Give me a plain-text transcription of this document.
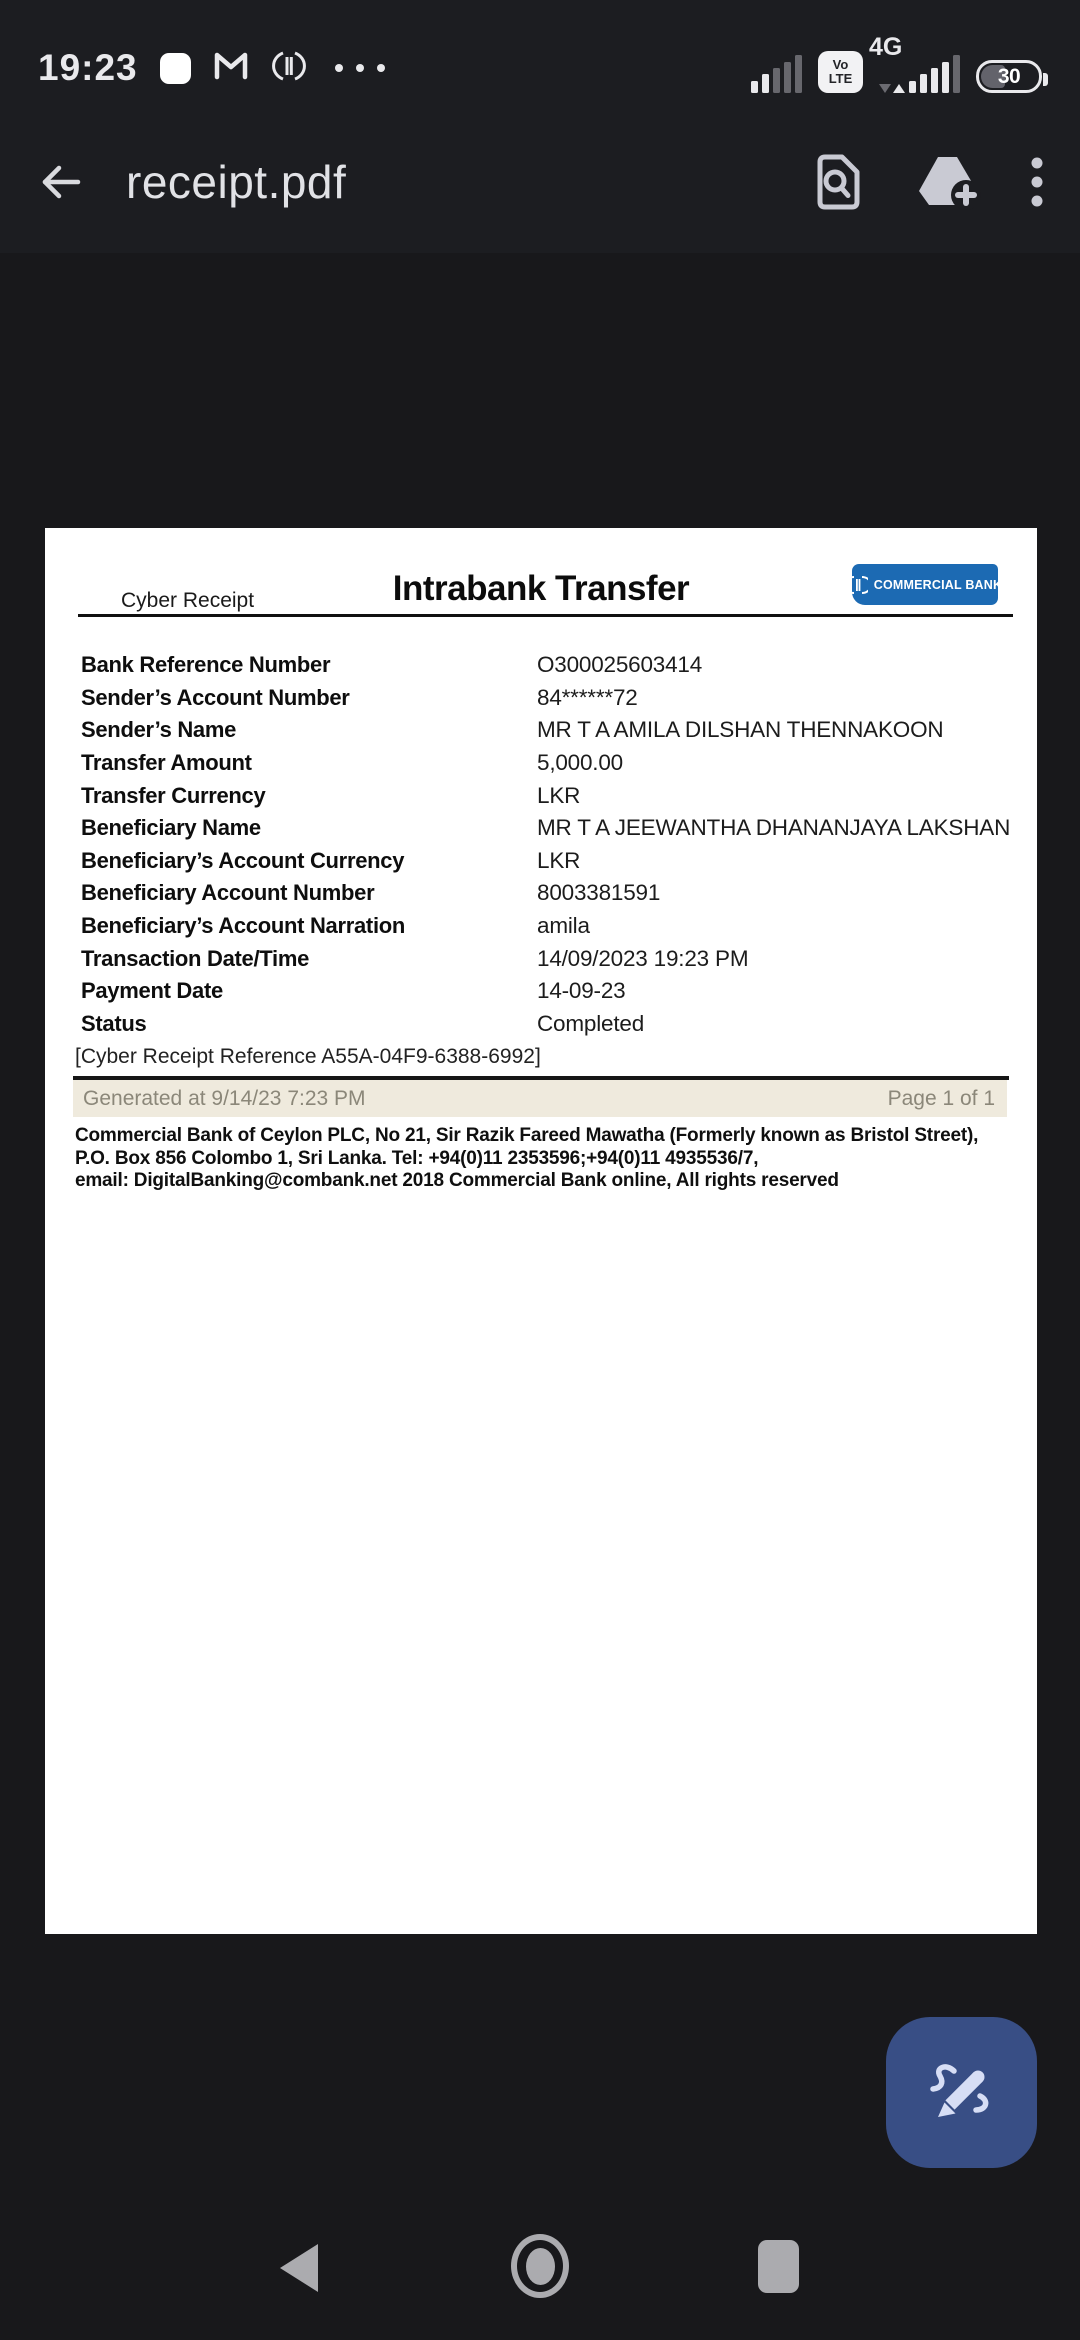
19:23	Vo
LTE
4G
30
receipt.pdf
Cyber Receipt	Intrabank Transfer	COMMERCIAL BANK
Bank Reference Number	O300025603414
Sender’s Account Number	84******72
Sender’s Name	MR T A AMILA DILSHAN THENNAKOON
Transfer Amount	5,000.00
Transfer Currency	LKR
Beneficiary Name	MR T A JEEWANTHA DHANANJAYA LAKSHAN
Beneficiary’s Account Currency	LKR
Beneficiary Account Number	8003381591
Beneficiary’s Account Narration	amila
Transaction Date/Time	14/09/2023 19:23 PM
Payment Date	14-09-23
Status	Completed
[Cyber Receipt Reference A55A-04F9-6388-6992]
Generated at 9/14/23 7:23 PM	Page 1 of 1
Commercial Bank of Ceylon PLC, No 21, Sir Razik Fareed Mawatha (Formerly known as Bristol Street),
P.O. Box 856 Colombo 1, Sri Lanka. Tel: +94(0)11 2353596;+94(0)11 4935536/7,
email: DigitalBanking@combank.net 2018 Commercial Bank online, All rights reserved
